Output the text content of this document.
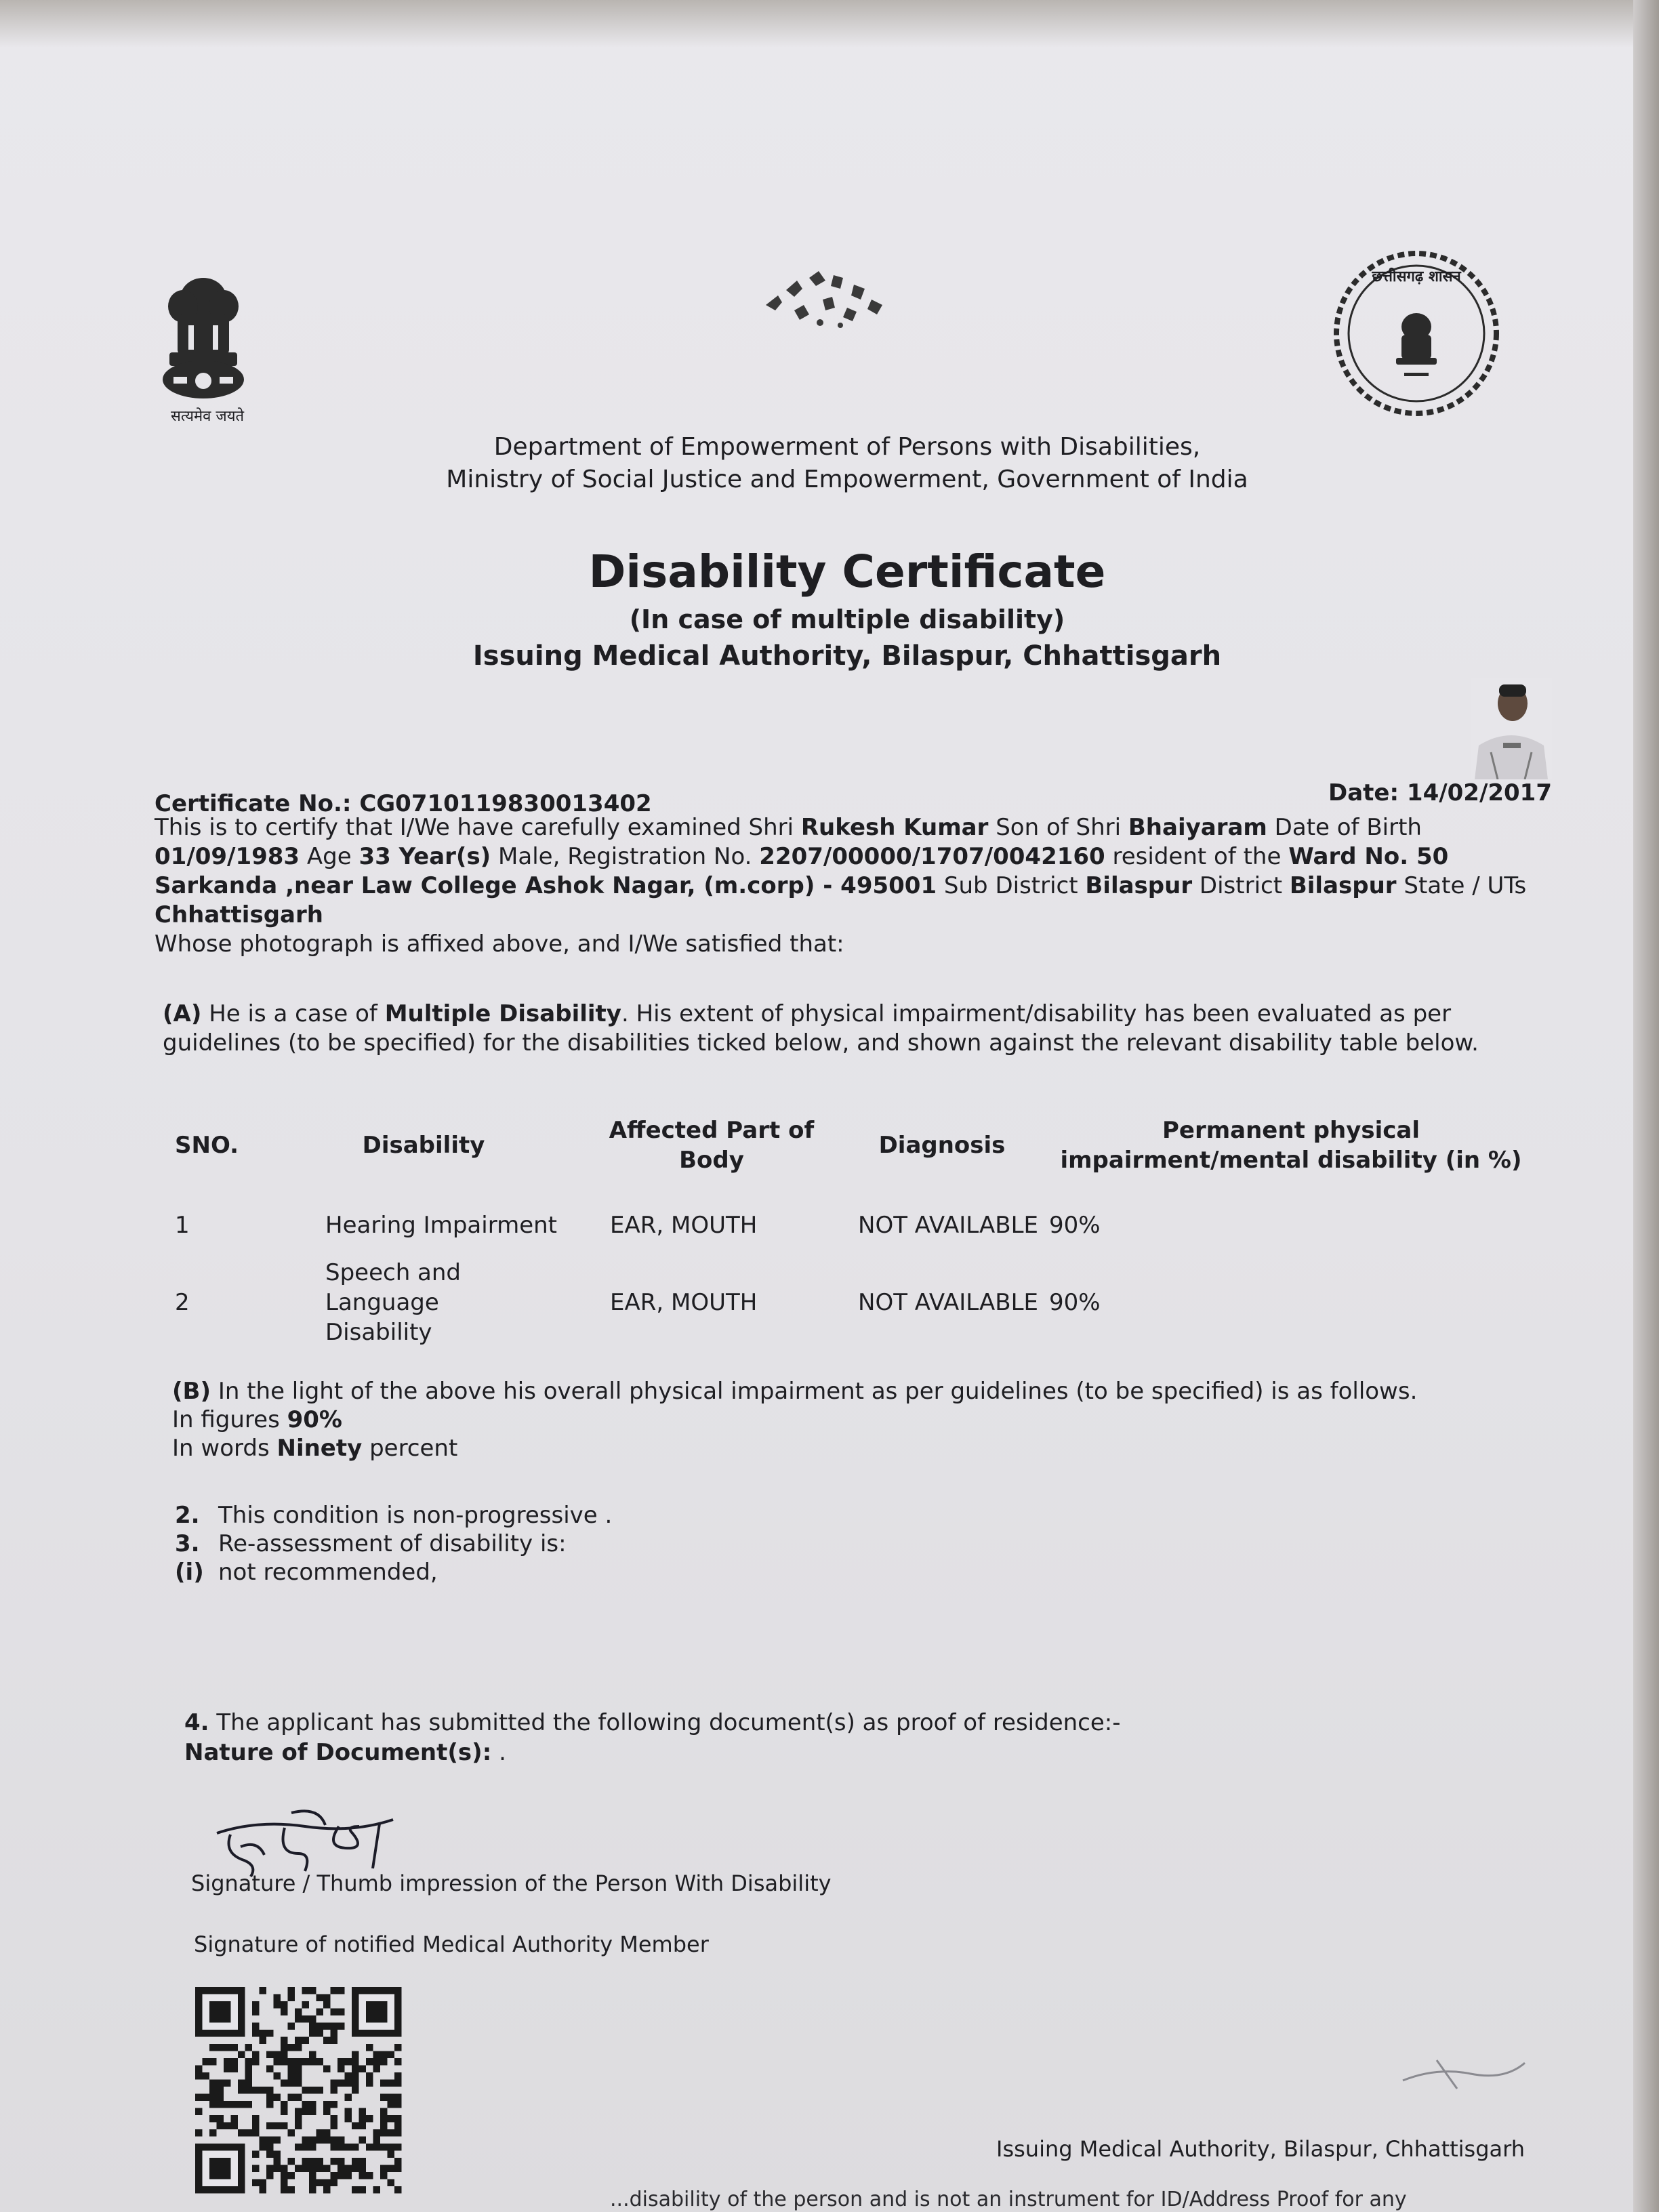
सत्यमेव जयते
छत्तीसगढ़ शासन
Department of Empowerment of Persons with Disabilities,
Ministry of Social Justice and Empowerment, Government of India
Disability Certificate
(In case of multiple disability)
Issuing Medical Authority, Bilaspur, Chhattisgarh
Certificate No.: CG0710119830013402	Date: 14/02/2017
This is to certify that I/We have carefully examined Shri Rukesh Kumar Son of Shri Bhaiyaram Date of Birth 01/09/1983 Age 33 Year(s) Male, Registration No. 2207/00000/1707/0042160 resident of the Ward No. 50 Sarkanda ,near Law College Ashok Nagar, (m.corp) - 495001 Sub District Bilaspur District Bilaspur State / UTs Chhattisgarh
Whose photograph is affixed above, and I/We satisfied that:
(A) He is a case of Multiple Disability. His extent of physical impairment/disability has been evaluated as per guidelines (to be specified) for the disabilities ticked below, and shown against the relevant disability table below.
SNO.	Disability	Affected Part of Body	Diagnosis	Permanent physical impairment/mental disability (in %)
1	Hearing Impairment	EAR, MOUTH	NOT AVAILABLE	90%
2	Speech and Language Disability	EAR, MOUTH	NOT AVAILABLE	90%
(B) In the light of the above his overall physical impairment as per guidelines (to be specified) is as follows.
In figures 90%
In words Ninety percent
2. This condition is non-progressive .
3. Re-assessment of disability is:
(i) not recommended,
4. The applicant has submitted the following document(s) as proof of residence:-
Nature of Document(s): .
Signature / Thumb impression of the Person With Disability
Signature of notified Medical Authority Member
Issuing Medical Authority, Bilaspur, Chhattisgarh
...disability of the person and is not an instrument for ID/Address Proof for any
